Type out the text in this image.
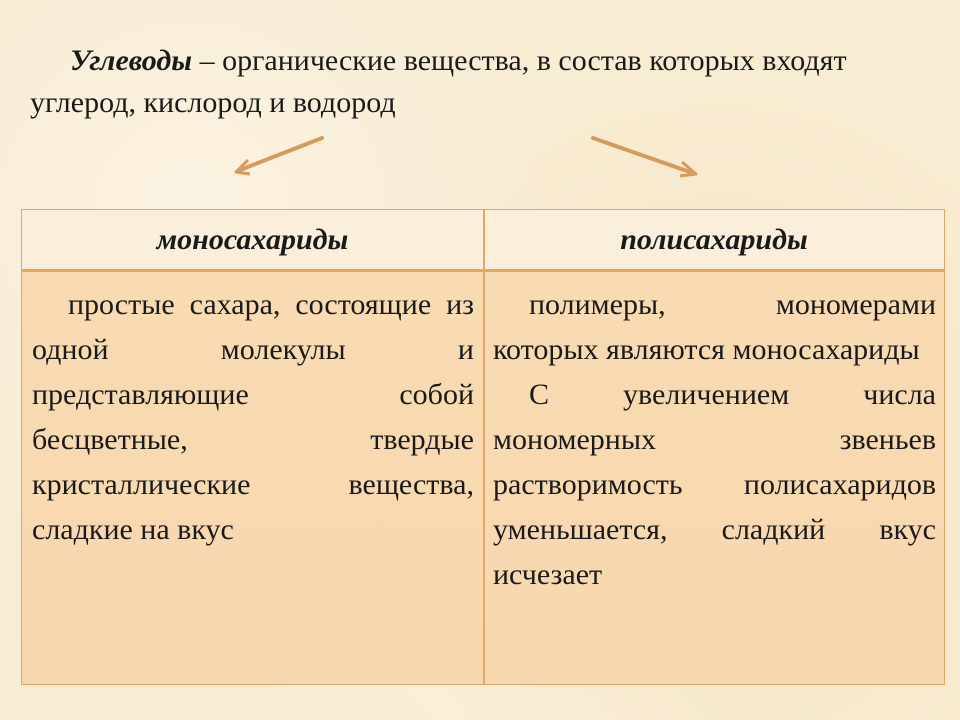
Углеводы – органические вещества, в состав которых входят углерод, кислород и водород
моносахариды	полисахариды

простые сахара, состоящие из одной молекулы и представляющие собой бесцветные, твердые кристаллические вещества, сладкие на вкус

полимеры, мономерами которых являются моносахариды

С увеличением числа мономерных звеньев растворимость полисахаридов уменьшается, сладкий вкус исчезает
